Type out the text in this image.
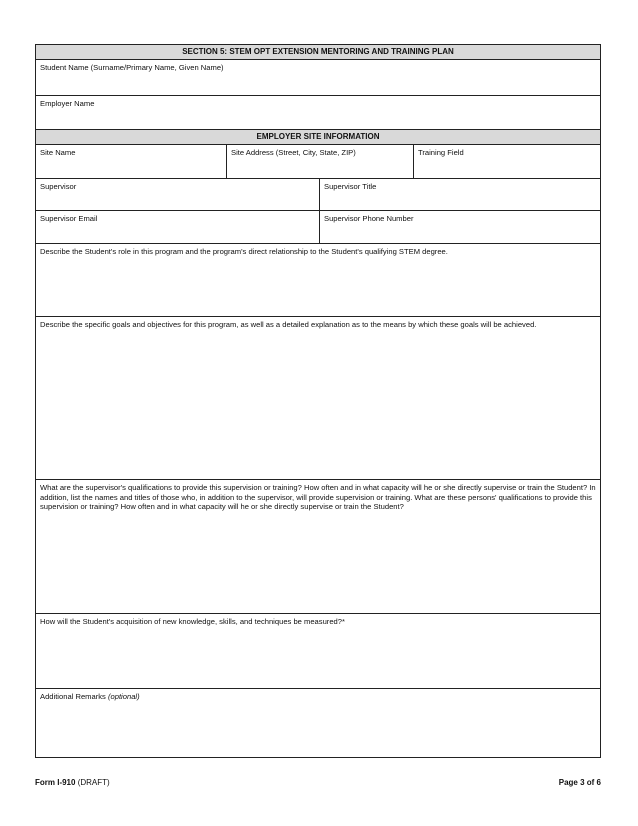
SECTION 5: STEM OPT EXTENSION MENTORING AND TRAINING PLAN
Student Name (Surname/Primary Name, Given Name)
Employer Name
EMPLOYER SITE INFORMATION
Site Name	Site Address (Street, City, State, ZIP)	Training Field
Supervisor	Supervisor Title
Supervisor Email	Supervisor Phone Number
Describe the Student's role in this program and the program's direct relationship to the Student's qualifying STEM degree.
Describe the specific goals and objectives for this program, as well as a detailed explanation as to the means by which these goals will be achieved.
What are the supervisor's qualifications to provide this supervision or training? How often and in what capacity will he or she directly supervise or train the Student? In addition, list the names and titles of those who, in addition to the supervisor, will provide supervision or training. What are these persons' qualifications to provide this supervision or training? How often and in what capacity will he or she directly supervise or train the Student?
How will the Student's acquisition of new knowledge, skills, and techniques be measured?*
Additional Remarks (optional)
Form I-910 (DRAFT)	Page 3 of 6
